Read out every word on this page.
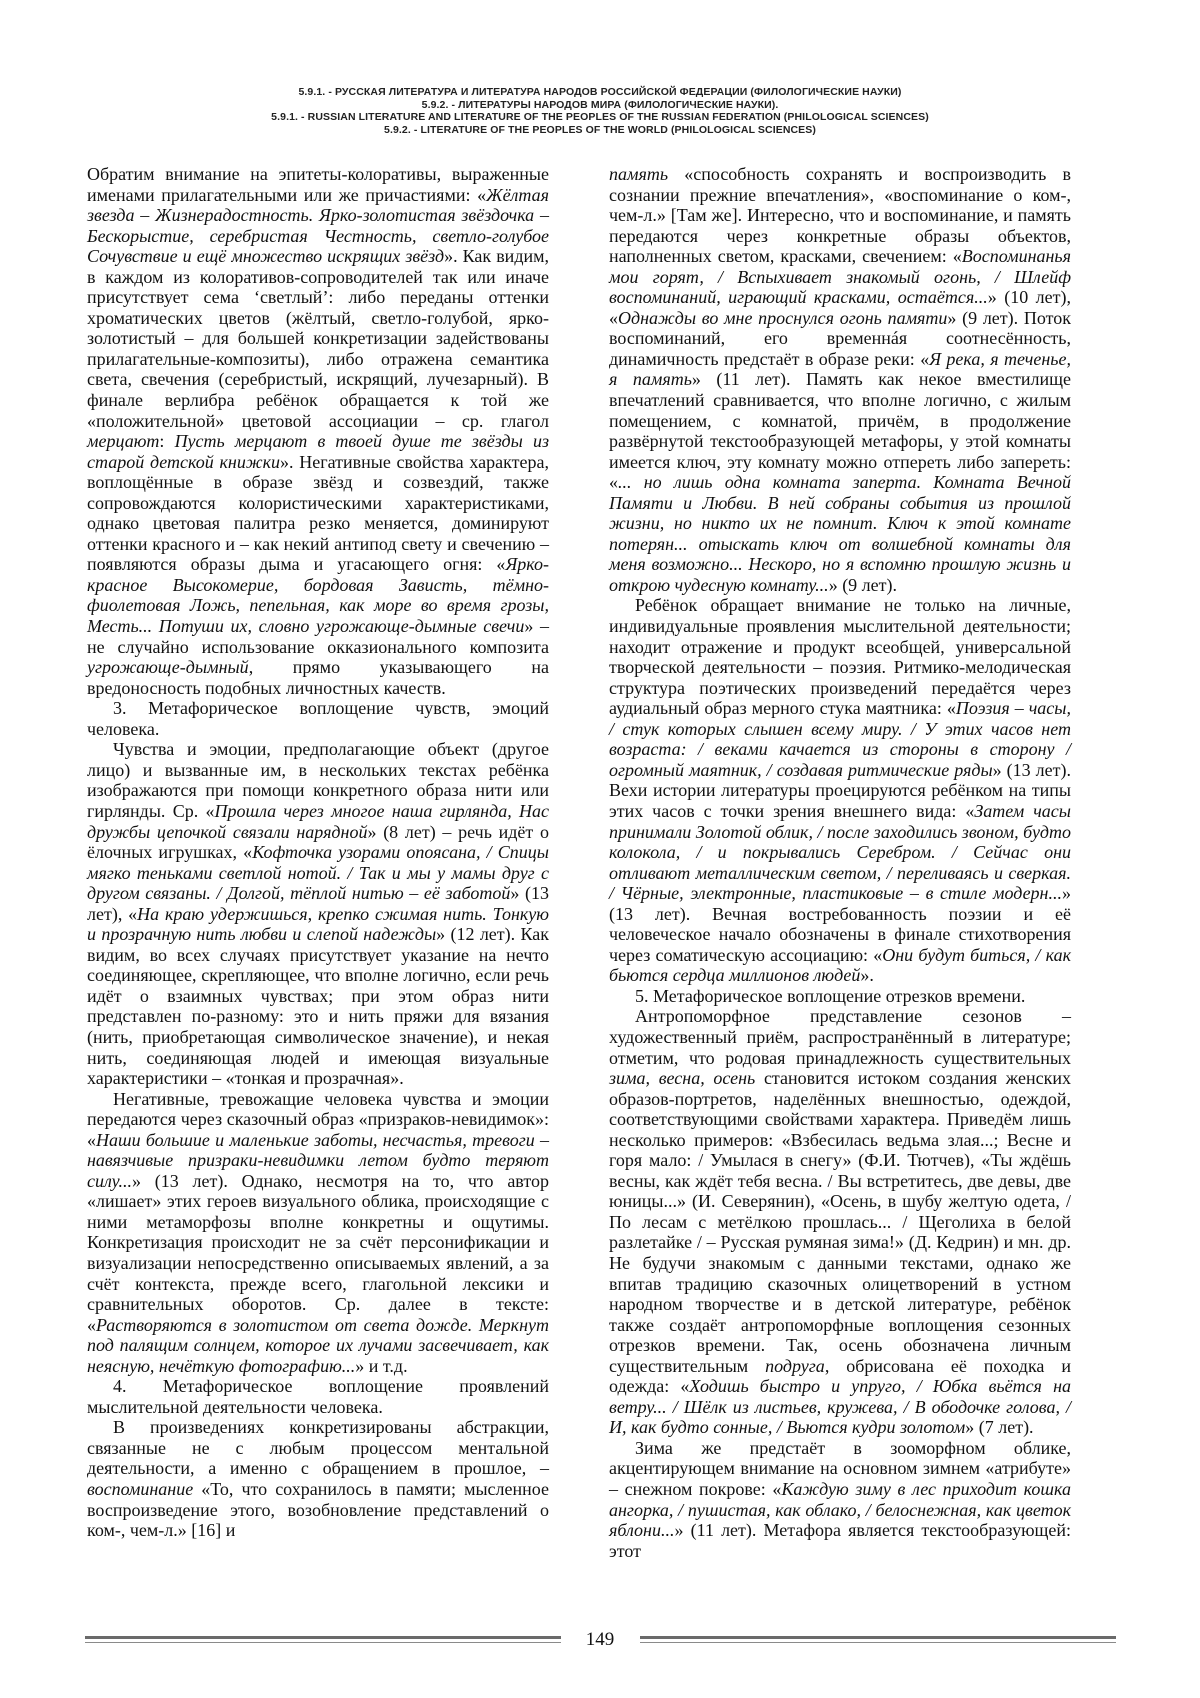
5.9.1. - РУССКАЯ ЛИТЕРАТУРА И ЛИТЕРАТУРА НАРОДОВ РОССИЙСКОЙ ФЕДЕРАЦИИ (ФИЛОЛОГИЧЕСКИЕ НАУКИ)
5.9.2. - ЛИТЕРАТУРЫ НАРОДОВ МИРА (ФИЛОЛОГИЧЕСКИЕ НАУКИ).
5.9.1. - RUSSIAN LITERATURE AND LITERATURE OF THE PEOPLES OF THE RUSSIAN FEDERATION (PHILOLOGICAL SCIENCES)
5.9.2. - LITERATURE OF THE PEOPLES OF THE WORLD (PHILOLOGICAL SCIENCES)

Обратим внимание на эпитеты-колоративы, выраженные именами прилагательными или же причастиями: «Жёлтая звезда – Жизнерадостность. Ярко-золотистая звёздочка – Бескорыстие, серебристая Честность, светло-голубое Сочувствие и ещё множество искрящих звёзд». Как видим, в каждом из колоративов-сопроводителей так или иначе присутствует сема ‘светлый’: либо переданы оттенки хроматических цветов (жёлтый, светло-голубой, ярко-золотистый – для большей конкретизации задействованы прилагательные-композиты), либо отражена семантика света, свечения (серебристый, искрящий, лучезарный). В финале верлибра ребёнок обращается к той же «положительной» цветовой ассоциации – ср. глагол мерцают: Пусть мерцают в твоей душе те звёзды из старой детской книжки». Негативные свойства характера, воплощённые в образе звёзд и созвездий, также сопровождаются колористическими характеристиками, однако цветовая палитра резко меняется, доминируют оттенки красного и – как некий антипод свету и свечению – появляются образы дыма и угасающего огня: «Ярко-красное Высокомерие, бордовая Зависть, тёмно-фиолетовая Ложь, пепельная, как море во время грозы, Месть... Потуши их, словно угрожающе-дымные свечи» – не случайно использование окказионального композита угрожающе-дымный, прямо указывающего на вредоносность подобных личностных качеств.

3. Метафорическое воплощение чувств, эмоций человека.

Чувства и эмоции, предполагающие объект (другое лицо) и вызванные им, в нескольких текстах ребёнка изображаются при помощи конкретного образа нити или гирлянды. Ср. «Прошла через многое наша гирлянда, Нас дружбы цепочкой связали нарядной» (8 лет) – речь идёт о ёлочных игрушках, «Кофточка узорами опоясана, / Спицы мягко теньками светлой нотой. / Так и мы у мамы друг с другом связаны. / Долгой, тёплой нитью – её заботой» (13 лет), «На краю удержишься, крепко сжимая нить. Тонкую и прозрачную нить любви и слепой надежды» (12 лет). Как видим, во всех случаях присутствует указание на нечто соединяющее, скрепляющее, что вполне логично, если речь идёт о взаимных чувствах; при этом образ нити представлен по-разному: это и нить пряжи для вязания (нить, приобретающая символическое значение), и некая нить, соединяющая людей и имеющая визуальные характеристики – «тонкая и прозрачная».

Негативные, тревожащие человека чувства и эмоции передаются через сказочный образ «призраков-невидимок»: «Наши большие и маленькие заботы, несчастья, тревоги – навязчивые призраки-невидимки летом будто теряют силу...» (13 лет). Однако, несмотря на то, что автор «лишает» этих героев визуального облика, происходящие с ними метаморфозы вполне конкретны и ощутимы. Конкретизация происходит не за счёт персонификации и визуализации непосредственно описываемых явлений, а за счёт контекста, прежде всего, глагольной лексики и сравнительных оборотов. Ср. далее в тексте: «Растворяются в золотистом от света дожде. Меркнут под палящим солнцем, которое их лучами засвечивает, как неясную, нечёткую фотографию...» и т.д.

4. Метафорическое воплощение проявлений мыслительной деятельности человека.

В произведениях конкретизированы абстракции, связанные не с любым процессом ментальной деятельности, а именно с обращением в прошлое, – воспоминание «То, что сохранилось в памяти; мысленное воспроизведение этого, возобновление представлений о ком-, чем-л.» [16] и

память «способность сохранять и воспроизводить в сознании прежние впечатления», «воспоминание о ком-, чем-л.» [Там же]. Интересно, что и воспоминание, и память передаются через конкретные образы объектов, наполненных светом, красками, свечением: «Воспоминанья мои горят, / Вспыхивает знакомый огонь, / Шлейф воспоминаний, играющий красками, остаётся...» (10 лет), «Однажды во мне проснулся огонь памяти» (9 лет). Поток воспоминаний, его временнáя соотнесённость, динамичность предстаёт в образе реки: «Я река, я теченье, я память» (11 лет). Память как некое вместилище впечатлений сравнивается, что вполне логично, с жилым помещением, с комнатой, причём, в продолжение развёрнутой текстообразующей метафоры, у этой комнаты имеется ключ, эту комнату можно отпереть либо запереть: «... но лишь одна комната заперта. Комната Вечной Памяти и Любви. В ней собраны события из прошлой жизни, но никто их не помнит. Ключ к этой комнате потерян... отыскать ключ от волшебной комнаты для меня возможно... Нескоро, но я вспомню прошлую жизнь и открою чудесную комнату...» (9 лет).

Ребёнок обращает внимание не только на личные, индивидуальные проявления мыслительной деятельности; находит отражение и продукт всеобщей, универсальной творческой деятельности – поэзия. Ритмико-мелодическая структура поэтических произведений передаётся через аудиальный образ мерного стука маятника: «Поэзия – часы, / стук которых слышен всему миру. / У этих часов нет возраста: / веками качается из стороны в сторону / огромный маятник, / создавая ритмические ряды» (13 лет). Вехи истории литературы проецируются ребёнком на типы этих часов с точки зрения внешнего вида: «Затем часы принимали Золотой облик, / после заходились звоном, будто колокола, / и покрывались Серебром. / Сейчас они отливают металлическим светом, / переливаясь и сверкая. / Чёрные, электронные, пластиковые – в стиле модерн...» (13 лет). Вечная востребованность поэзии и её человеческое начало обозначены в финале стихотворения через соматическую ассоциацию: «Они будут биться, / как бьются сердца миллионов людей».

5. Метафорическое воплощение отрезков времени.

Антропоморфное представление сезонов – художественный приём, распространённый в литературе; отметим, что родовая принадлежность существительных зима, весна, осень становится истоком создания женских образов-портретов, наделённых внешностью, одеждой, соответствующими свойствами характера. Приведём лишь несколько примеров: «Взбесилась ведьма злая...; Весне и горя мало: / Умылася в снегу» (Ф.И. Тютчев), «Ты ждёшь весны, как ждёт тебя весна. / Вы встретитесь, две девы, две юницы...» (И. Северянин), «Осень, в шубу желтую одета, / По лесам с метёлкою прошлась... / Щеголиха в белой разлетайке / – Русская румяная зима!» (Д. Кедрин) и мн. др. Не будучи знакомым с данными текстами, однако же впитав традицию сказочных олицетворений в устном народном творчестве и в детской литературе, ребёнок также создаёт антропоморфные воплощения сезонных отрезков времени. Так, осень обозначена личным существительным подруга, обрисована её походка и одежда: «Ходишь быстро и упруго, / Юбка вьётся на ветру... / Шёлк из листьев, кружева, / В ободочке голова, / И, как будто сонные, / Вьются кудри золотом» (7 лет).

Зима же предстаёт в зооморфном облике, акцентирующем внимание на основном зимнем «атрибуте» – снежном покрове: «Каждую зиму в лес приходит кошка ангорка, / пушистая, как облако, / белоснежная, как цветок яблони...» (11 лет). Метафора является текстообразующей: этот

149
